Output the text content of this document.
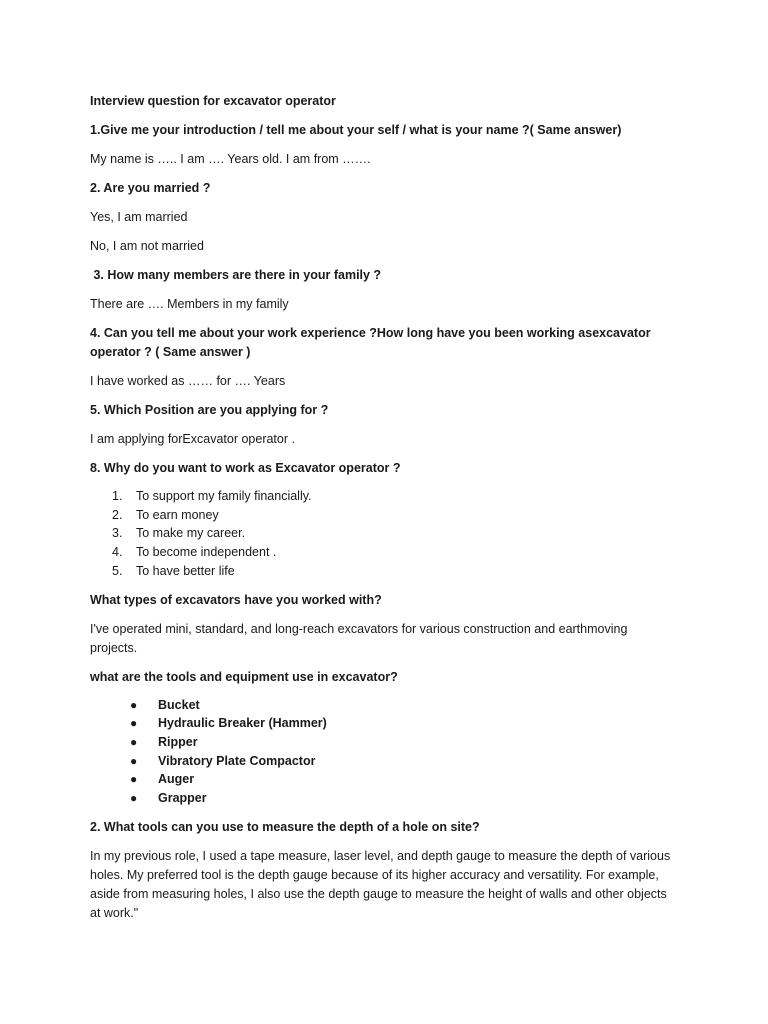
Interview question for excavator operator

1.Give me your introduction / tell me about your self / what is your name ?( Same answer)

My name is ….. I am …. Years old. I am from …….

2. Are you married ?

Yes, I am married

No, I am not married

3. How many members are there in your family ?

There are …. Members in my family

4. Can you tell me about your work experience ?How long have you been working asexcavator

operator ? ( Same answer )

I have worked as …… for …. Years

5. Which Position are you applying for ?

I am applying forExcavator operator .

8. Why do you want to work as Excavator operator ?

1.	To support my family financially.
2.	To earn money
3.	To make my career.
4.	To become independent .
5.	To have better life

What types of excavators have you worked with?

I've operated mini, standard, and long-reach excavators for various construction and earthmoving

projects.

what are the tools and equipment use in excavator?

●	Bucket
●	Hydraulic Breaker (Hammer)
●	Ripper
●	Vibratory Plate Compactor
●	Auger
●	Grapper

2. What tools can you use to measure the depth of a hole on site?

In my previous role, I used a tape measure, laser level, and depth gauge to measure the depth of various

holes. My preferred tool is the depth gauge because of its higher accuracy and versatility. For example,

aside from measuring holes, I also use the depth gauge to measure the height of walls and other objects

at work."
